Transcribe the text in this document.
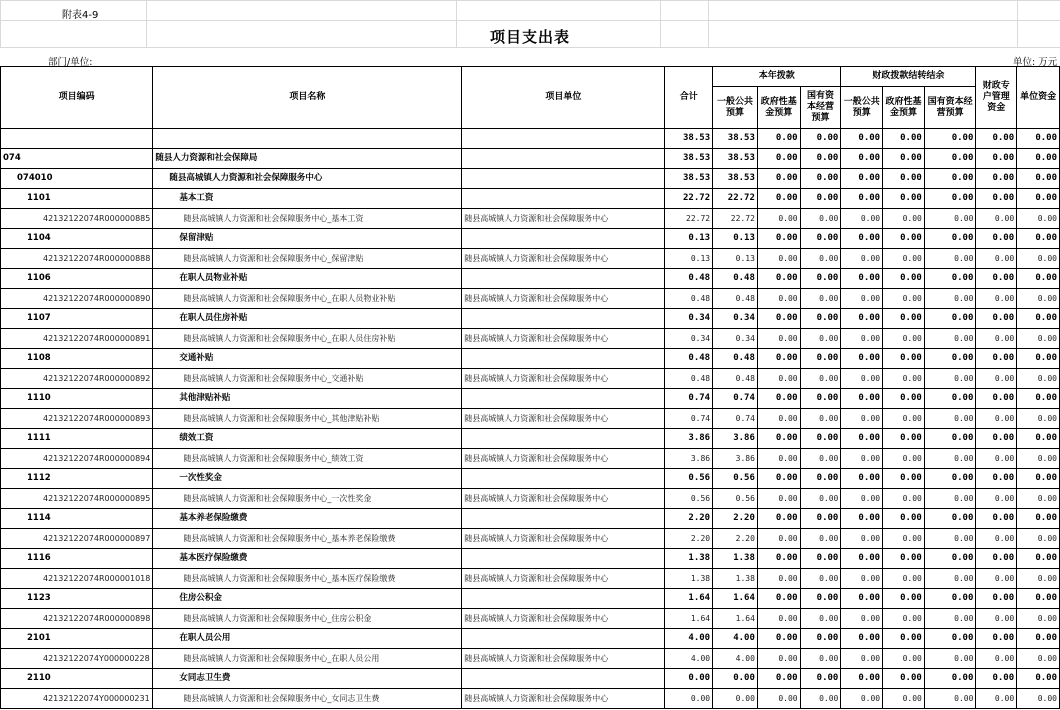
附表4-9
项目支出表
部门/单位:	单位: 万元
项目编码	项目名称	项目单位	合计	本年拨款			财政拨款结转结余			财政专户管理资金	单位资金
				一般公共预算	政府性基金预算	国有资本经营预算	一般公共预算	政府性基金预算	国有资本经营预算		
			38.53	38.53	0.00	0.00	0.00	0.00	0.00	0.00	0.00
074	随县人力资源和社会保障局		38.53	38.53	0.00	0.00	0.00	0.00	0.00	0.00	0.00
074010	随县高城镇人力资源和社会保障服务中心		38.53	38.53	0.00	0.00	0.00	0.00	0.00	0.00	0.00
1101	基本工资		22.72	22.72	0.00	0.00	0.00	0.00	0.00	0.00	0.00
42132122074R000000885	随县高城镇人力资源和社会保障服务中心_基本工资	随县高城镇人力资源和社会保障服务中心	22.72	22.72	0.00	0.00	0.00	0.00	0.00	0.00	0.00
1104	保留津贴		0.13	0.13	0.00	0.00	0.00	0.00	0.00	0.00	0.00
42132122074R000000888	随县高城镇人力资源和社会保障服务中心_保留津贴	随县高城镇人力资源和社会保障服务中心	0.13	0.13	0.00	0.00	0.00	0.00	0.00	0.00	0.00
1106	在职人员物业补贴		0.48	0.48	0.00	0.00	0.00	0.00	0.00	0.00	0.00
42132122074R000000890	随县高城镇人力资源和社会保障服务中心_在职人员物业补贴	随县高城镇人力资源和社会保障服务中心	0.48	0.48	0.00	0.00	0.00	0.00	0.00	0.00	0.00
1107	在职人员住房补贴		0.34	0.34	0.00	0.00	0.00	0.00	0.00	0.00	0.00
42132122074R000000891	随县高城镇人力资源和社会保障服务中心_在职人员住房补贴	随县高城镇人力资源和社会保障服务中心	0.34	0.34	0.00	0.00	0.00	0.00	0.00	0.00	0.00
1108	交通补贴		0.48	0.48	0.00	0.00	0.00	0.00	0.00	0.00	0.00
42132122074R000000892	随县高城镇人力资源和社会保障服务中心_交通补贴	随县高城镇人力资源和社会保障服务中心	0.48	0.48	0.00	0.00	0.00	0.00	0.00	0.00	0.00
1110	其他津贴补贴		0.74	0.74	0.00	0.00	0.00	0.00	0.00	0.00	0.00
42132122074R000000893	随县高城镇人力资源和社会保障服务中心_其他津贴补贴	随县高城镇人力资源和社会保障服务中心	0.74	0.74	0.00	0.00	0.00	0.00	0.00	0.00	0.00
1111	绩效工资		3.86	3.86	0.00	0.00	0.00	0.00	0.00	0.00	0.00
42132122074R000000894	随县高城镇人力资源和社会保障服务中心_绩效工资	随县高城镇人力资源和社会保障服务中心	3.86	3.86	0.00	0.00	0.00	0.00	0.00	0.00	0.00
1112	一次性奖金		0.56	0.56	0.00	0.00	0.00	0.00	0.00	0.00	0.00
42132122074R000000895	随县高城镇人力资源和社会保障服务中心_一次性奖金	随县高城镇人力资源和社会保障服务中心	0.56	0.56	0.00	0.00	0.00	0.00	0.00	0.00	0.00
1114	基本养老保险缴费		2.20	2.20	0.00	0.00	0.00	0.00	0.00	0.00	0.00
42132122074R000000897	随县高城镇人力资源和社会保障服务中心_基本养老保险缴费	随县高城镇人力资源和社会保障服务中心	2.20	2.20	0.00	0.00	0.00	0.00	0.00	0.00	0.00
1116	基本医疗保险缴费		1.38	1.38	0.00	0.00	0.00	0.00	0.00	0.00	0.00
42132122074R000001018	随县高城镇人力资源和社会保障服务中心_基本医疗保险缴费	随县高城镇人力资源和社会保障服务中心	1.38	1.38	0.00	0.00	0.00	0.00	0.00	0.00	0.00
1123	住房公积金		1.64	1.64	0.00	0.00	0.00	0.00	0.00	0.00	0.00
42132122074R000000898	随县高城镇人力资源和社会保障服务中心_住房公积金	随县高城镇人力资源和社会保障服务中心	1.64	1.64	0.00	0.00	0.00	0.00	0.00	0.00	0.00
2101	在职人员公用		4.00	4.00	0.00	0.00	0.00	0.00	0.00	0.00	0.00
42132122074Y000000228	随县高城镇人力资源和社会保障服务中心_在职人员公用	随县高城镇人力资源和社会保障服务中心	4.00	4.00	0.00	0.00	0.00	0.00	0.00	0.00	0.00
2110	女同志卫生费		0.00	0.00	0.00	0.00	0.00	0.00	0.00	0.00	0.00
42132122074Y000000231	随县高城镇人力资源和社会保障服务中心_女同志卫生费	随县高城镇人力资源和社会保障服务中心	0.00	0.00	0.00	0.00	0.00	0.00	0.00	0.00	0.00
